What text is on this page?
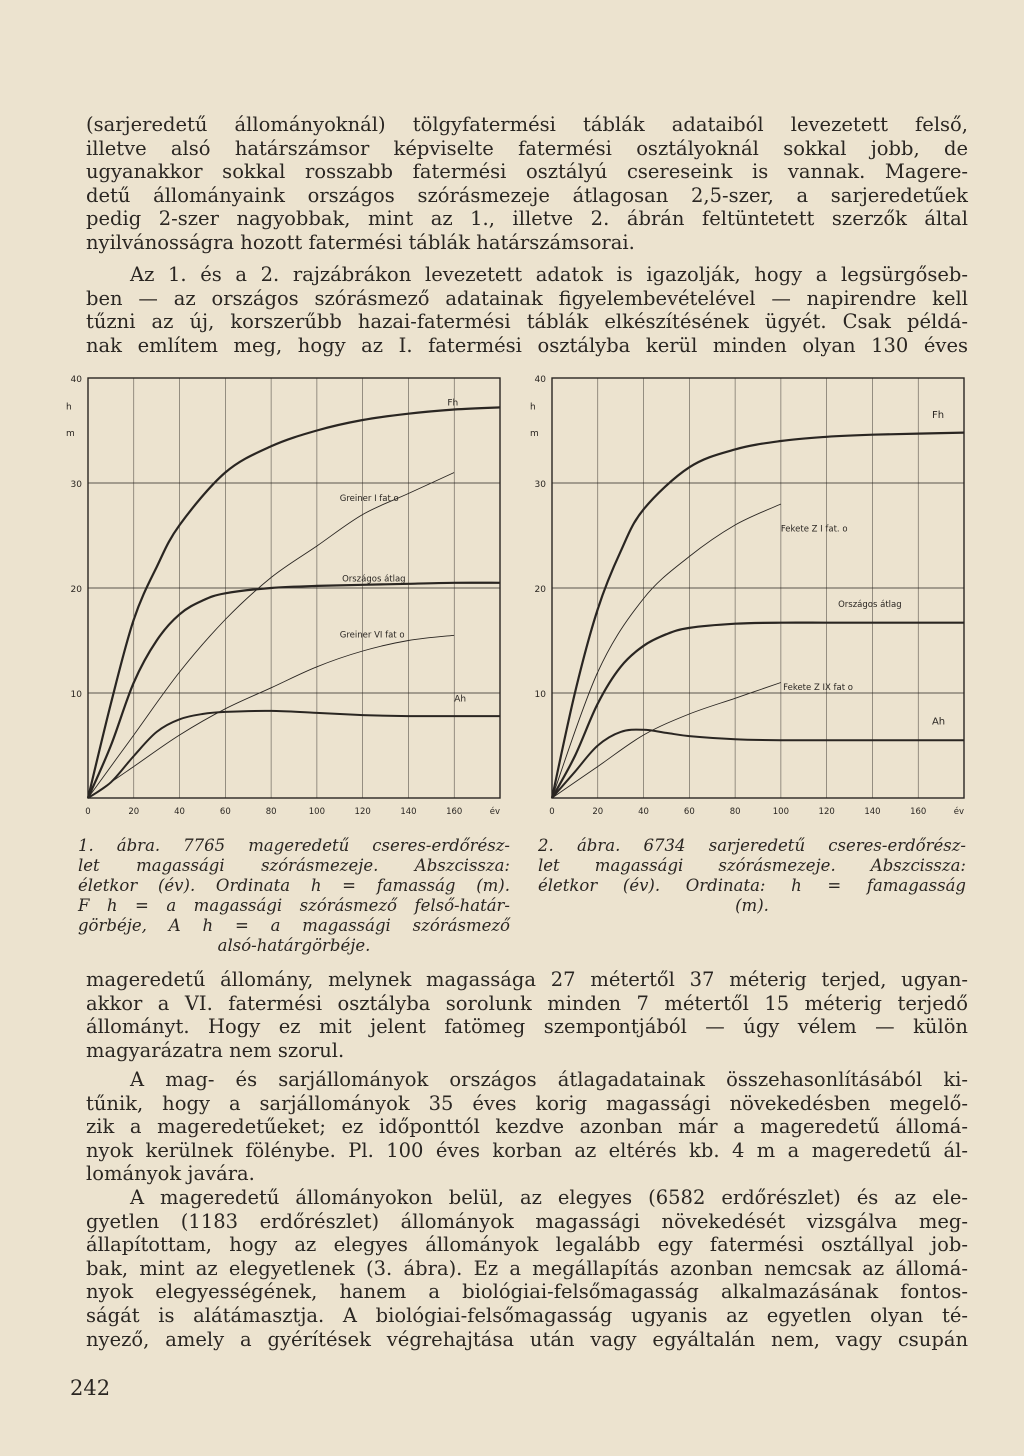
(sarjeredetű állományoknál) tölgyfatermési táblák adataiból levezetett felső,
illetve alsó határszámsor képviselte fatermési osztályoknál sokkal jobb, de
ugyanakkor sokkal rosszabb fatermési osztályú csereseink is vannak. Magere-
detű állományaink országos szórásmezeje átlagosan 2,5-szer, a sarjeredetűek
pedig 2-szer nagyobbak, mint az 1., illetve 2. ábrán feltüntetett szerzők által
nyilvánosságra hozott fatermési táblák határszámsorai.
Az 1. és a 2. rajzábrákon levezetett adatok is igazolják, hogy a legsürgőseb-
ben — az országos szórásmező adatainak figyelembevételével — napirendre kell
tűzni az új, korszerűbb hazai-fatermési táblák elkészítésének ügyét. Csak példá-
nak említem meg, hogy az I. fatermési osztályba kerül minden olyan 130 éves
10
20
30
40
h
m
0	20	40	60	80	100	120	140	160	év
Fh
Greiner I fat o
Országos átlag
Greiner VI fat o
Ah	10
20
30
40
h
m
0	20	40	60	80	100	120	140	160	év
Fh
Fekete Z I fat. o
Országos átlag
Fekete Z IX fat o
Ah
1. ábra. 7765 mageredetű cseres-erdőrész-
let magassági szórásmezeje. Abszcissza:
életkor (év). Ordinata h = famasság (m).
F h = a magassági szórásmező felső-határ-
görbéje, A h = a magassági szórásmező
alsó-határgörbéje.
2. ábra. 6734 sarjeredetű cseres-erdőrész-
let magassági szórásmezeje. Abszcissza:
életkor (év). Ordinata: h = famagasság
(m).
mageredetű állomány, melynek magassága 27 métertől 37 méterig terjed, ugyan-
akkor a VI. fatermési osztályba sorolunk minden 7 métertől 15 méterig terjedő
állományt. Hogy ez mit jelent fatömeg szempontjából — úgy vélem — külön
magyarázatra nem szorul.
A mag- és sarjállományok országos átlagadatainak összehasonlításából ki-
tűnik, hogy a sarjállományok 35 éves korig magassági növekedésben megelő-
zik a mageredetűeket; ez időponttól kezdve azonban már a mageredetű állomá-
nyok kerülnek fölénybe. Pl. 100 éves korban az eltérés kb. 4 m a mageredetű ál-
lományok javára.
A mageredetű állományokon belül, az elegyes (6582 erdőrészlet) és az ele-
gyetlen (1183 erdőrészlet) állományok magassági növekedését vizsgálva meg-
állapítottam, hogy az elegyes állományok legalább egy fatermési osztállyal job-
bak, mint az elegyetlenek (3. ábra). Ez a megállapítás azonban nemcsak az állomá-
nyok elegyességének, hanem a biológiai-felsőmagasság alkalmazásának fontos-
ságát is alátámasztja. A biológiai-felsőmagasság ugyanis az egyetlen olyan té-
nyező, amely a gyérítések végrehajtása után vagy egyáltalán nem, vagy csupán
242
